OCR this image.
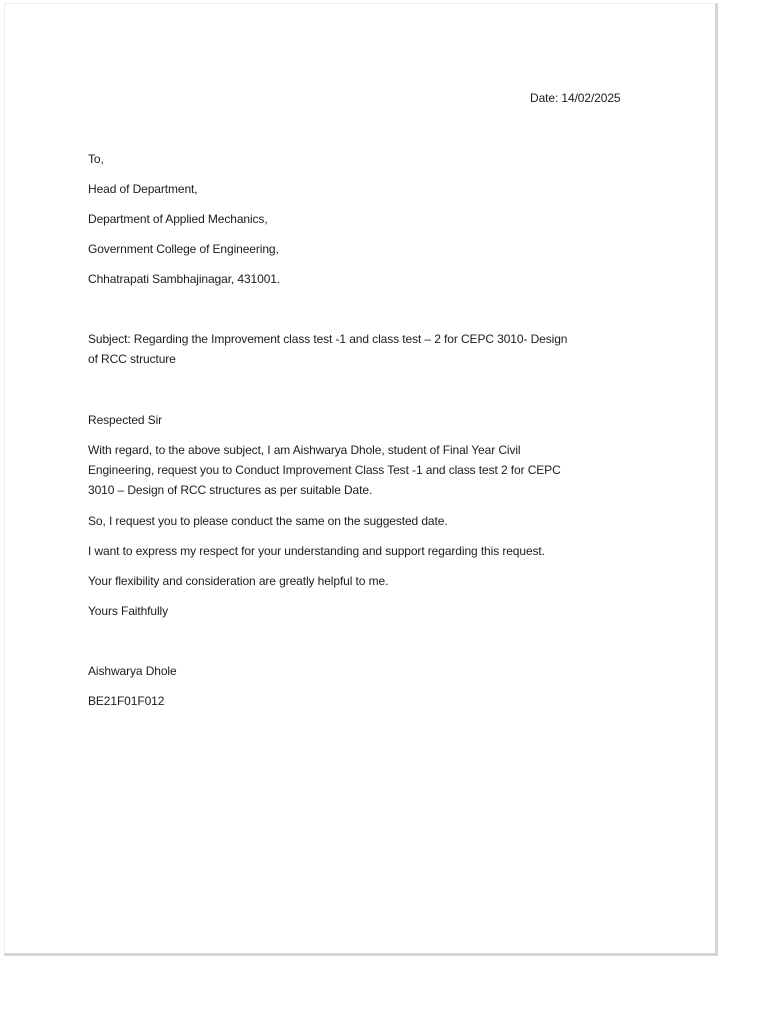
Date: 14/02/2025
To,
Head of Department,
Department of Applied Mechanics,
Government College of Engineering,
Chhatrapati Sambhajinagar, 431001.
Subject: Regarding the Improvement class test -1 and class test – 2 for CEPC 3010- Design
of RCC structure
Respected Sir
With regard, to the above subject, I am Aishwarya Dhole, student of Final Year Civil
Engineering, request you to Conduct Improvement Class Test -1 and class test 2 for CEPC
3010 – Design of RCC structures as per suitable Date.
So, I request you to please conduct the same on the suggested date.
I want to express my respect for your understanding and support regarding this request.
Your flexibility and consideration are greatly helpful to me.
Yours Faithfully
Aishwarya Dhole
BE21F01F012
